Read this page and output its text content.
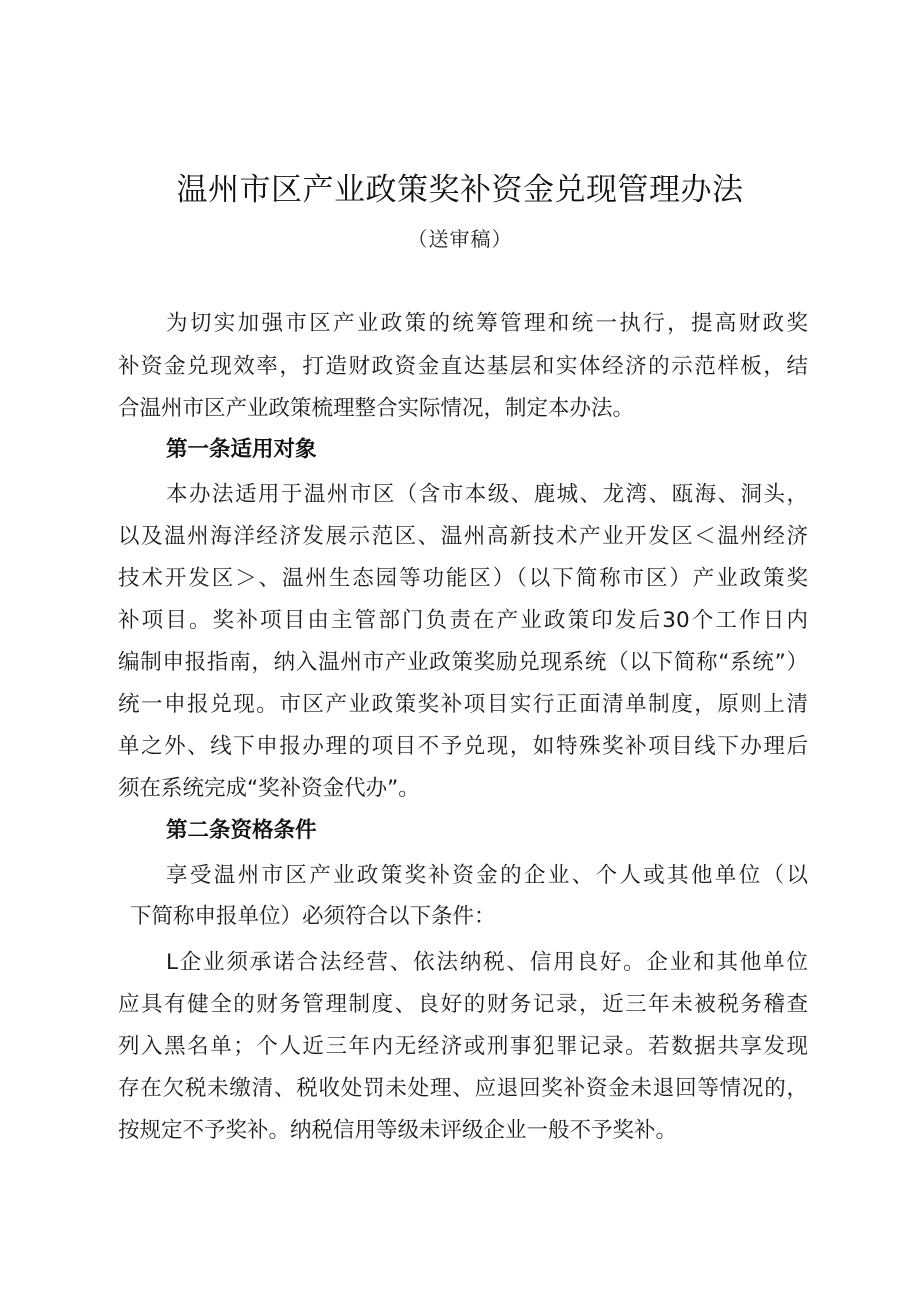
温州市区产业政策奖补资金兑现管理办法
（送审稿）
为切实加强市区产业政策的统筹管理和统一执行，提高财政奖
补资金兑现效率，打造财政资金直达基层和实体经济的示范样板，结
合温州市区产业政策梳理整合实际情况，制定本办法。
第一条适用对象
本办法适用于温州市区（含市本级、鹿城、龙湾、瓯海、洞头，
以及温州海洋经济发展示范区、温州高新技术产业开发区＜温州经济
技术开发区＞、温州生态园等功能区）（以下简称市区）产业政策奖
补项目。奖补项目由主管部门负责在产业政策印发后30个工作日内
编制申报指南，纳入温州市产业政策奖励兑现系统（以下简称“系统”）
统一申报兑现。市区产业政策奖补项目实行正面清单制度，原则上清
单之外、线下申报办理的项目不予兑现，如特殊奖补项目线下办理后
须在系统完成“奖补资金代办”。
第二条资格条件
享受温州市区产业政策奖补资金的企业、个人或其他单位（以
下简称申报单位）必须符合以下条件：
L企业须承诺合法经营、依法纳税、信用良好。企业和其他单位
应具有健全的财务管理制度、良好的财务记录，近三年未被税务稽查
列入黑名单；个人近三年内无经济或刑事犯罪记录。若数据共享发现
存在欠税未缴清、税收处罚未处理、应退回奖补资金未退回等情况的，
按规定不予奖补。纳税信用等级未评级企业一般不予奖补。
